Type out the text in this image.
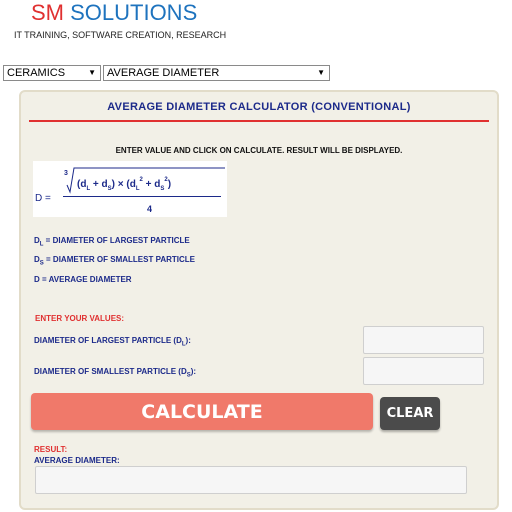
SM SOLUTIONS
IT TRAINING, SOFTWARE CREATION, RESEARCH
CERAMICS	▼	AVERAGE DIAMETER	▼
AVERAGE DIAMETER CALCULATOR (CONVENTIONAL)
ENTER VALUE AND CLICK ON CALCULATE. RESULT WILL BE DISPLAYED.
D =
3
$(d_L + d_S) \times (d_L^2 + d_S^2)$
4
$D_L$ = DIAMETER OF LARGEST PARTICLE
$D_S$ = DIAMETER OF SMALLEST PARTICLE
D = AVERAGE DIAMETER
ENTER YOUR VALUES:
DIAMETER OF LARGEST PARTICLE $(D_L)$:
DIAMETER OF SMALLEST PARTICLE $(D_S)$:
CALCULATE	CLEAR
RESULT:
AVERAGE DIAMETER:
